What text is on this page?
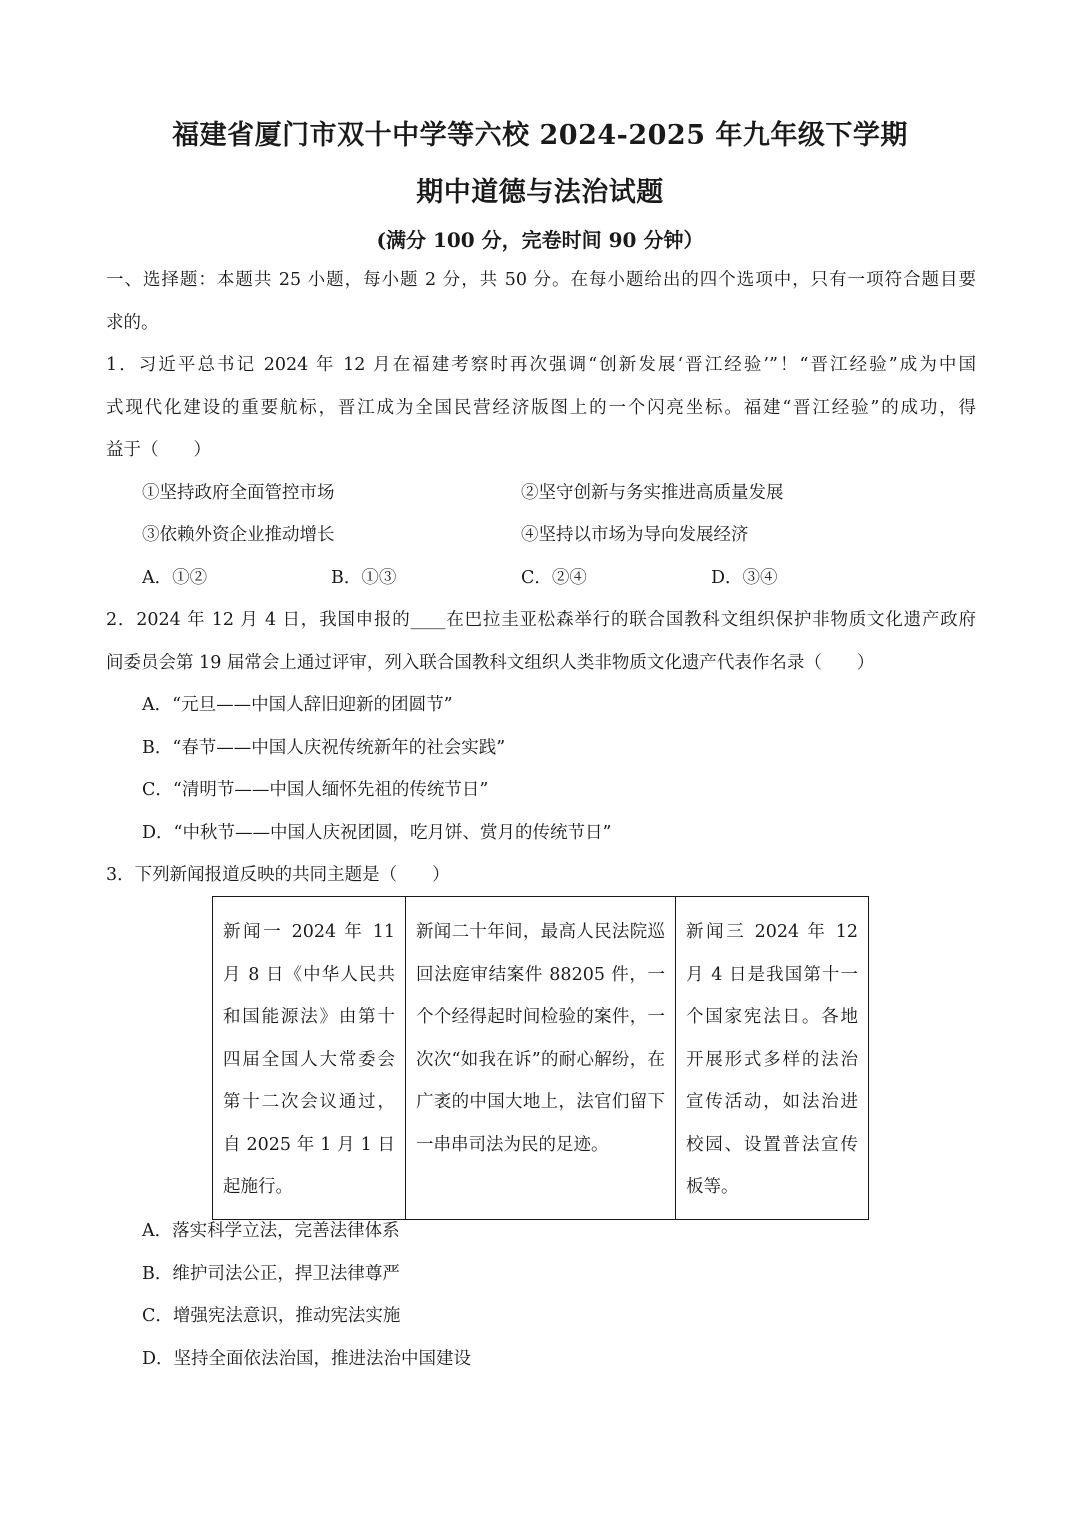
福建省厦门市双十中学等六校 2024-2025 年九年级下学期
期中道德与法治试题
(满分 100 分，完卷时间 90 分钟）
一、选择题：本题共 25 小题，每小题 2 分，共 50 分。在每小题给出的四个选项中，只有一项符合题目要
求的。
1．习近平总书记 2024 年 12 月在福建考察时再次强调“创新发展‘晋江经验’”！“晋江经验”成为中国
式现代化建设的重要航标，晋江成为全国民营经济版图上的一个闪亮坐标。福建“晋江经验”的成功，得
益于（　　）
①坚持政府全面管控市场	②坚守创新与务实推进高质量发展
③依赖外资企业推动增长	④坚持以市场为导向发展经济
A．①②	B．①③	C．②④	D．③④
2．2024 年 12 月 4 日，我国申报的____在巴拉圭亚松森举行的联合国教科文组织保护非物质文化遗产政府
间委员会第 19 届常会上通过评审，列入联合国教科文组织人类非物质文化遗产代表作名录（　　）
A．“元旦——中国人辞旧迎新的团圆节”
B．“春节——中国人庆祝传统新年的社会实践”
C．“清明节——中国人缅怀先祖的传统节日”
D．“中秋节——中国人庆祝团圆，吃月饼、赏月的传统节日”
3．下列新闻报道反映的共同主题是（　　）
新闻一 2024 年 11 月 8 日《中华人民共和国能源法》由第十四届全国人大常委会第十二次会议通过，自 2025 年 1 月 1 日起施行。	新闻二十年间，最高人民法院巡回法庭审结案件 88205 件，一个个经得起时间检验的案件，一次次“如我在诉”的耐心解纷，在广袤的中国大地上，法官们留下一串串司法为民的足迹。	新闻三 2024 年 12 月 4 日是我国第十一个国家宪法日。各地开展形式多样的法治宣传活动，如法治进校园、设置普法宣传板等。
A．落实科学立法，完善法律体系
B．维护司法公正，捍卫法律尊严
C．增强宪法意识，推动宪法实施
D．坚持全面依法治国，推进法治中国建设
